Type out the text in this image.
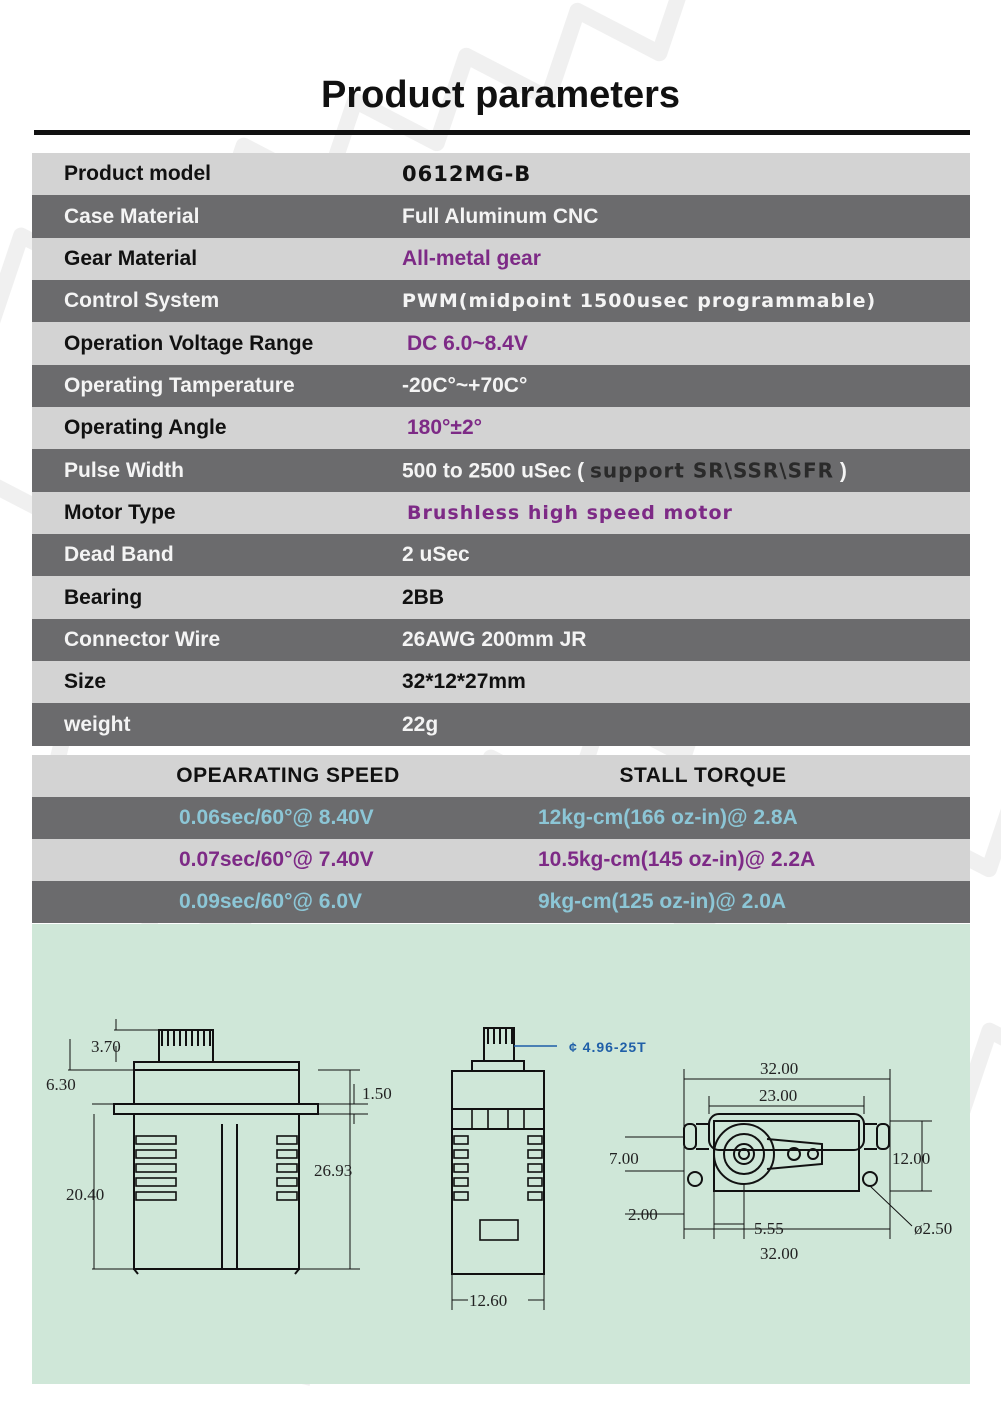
Product parameters
Product model	0612MG-B
Case Material	Full Aluminum CNC
Gear Material	All-metal gear
Control System	PWM(midpoint 1500usec programmable)
Operation Voltage Range	DC 6.0~8.4V
Operating Tamperature	-20C°~+70C°
Operating Angle	180°±2°
Pulse Width	500 to 2500 uSec ( support SR\SSR\SFR )
Motor Type	Brushless high speed motor
Dead Band	2 uSec
Bearing	2BB
Connector Wire	26AWG 200mm JR
Size	32*12*27mm
weight	22g
OPEARATING SPEED	STALL TORQUE
0.06sec/60°@ 8.40V	12kg-cm(166 oz-in)@ 2.8A
0.07sec/60°@ 7.40V	10.5kg-cm(145 oz-in)@ 2.2A
0.09sec/60°@ 6.0V	9kg-cm(125 oz-in)@ 2.0A
3.70
6.30	1.50
26.93
20.40
¢ 4.96-25T
12.60
32.00
23.00
7.00	12.00
2.00
5.55
32.00
ø2.50
